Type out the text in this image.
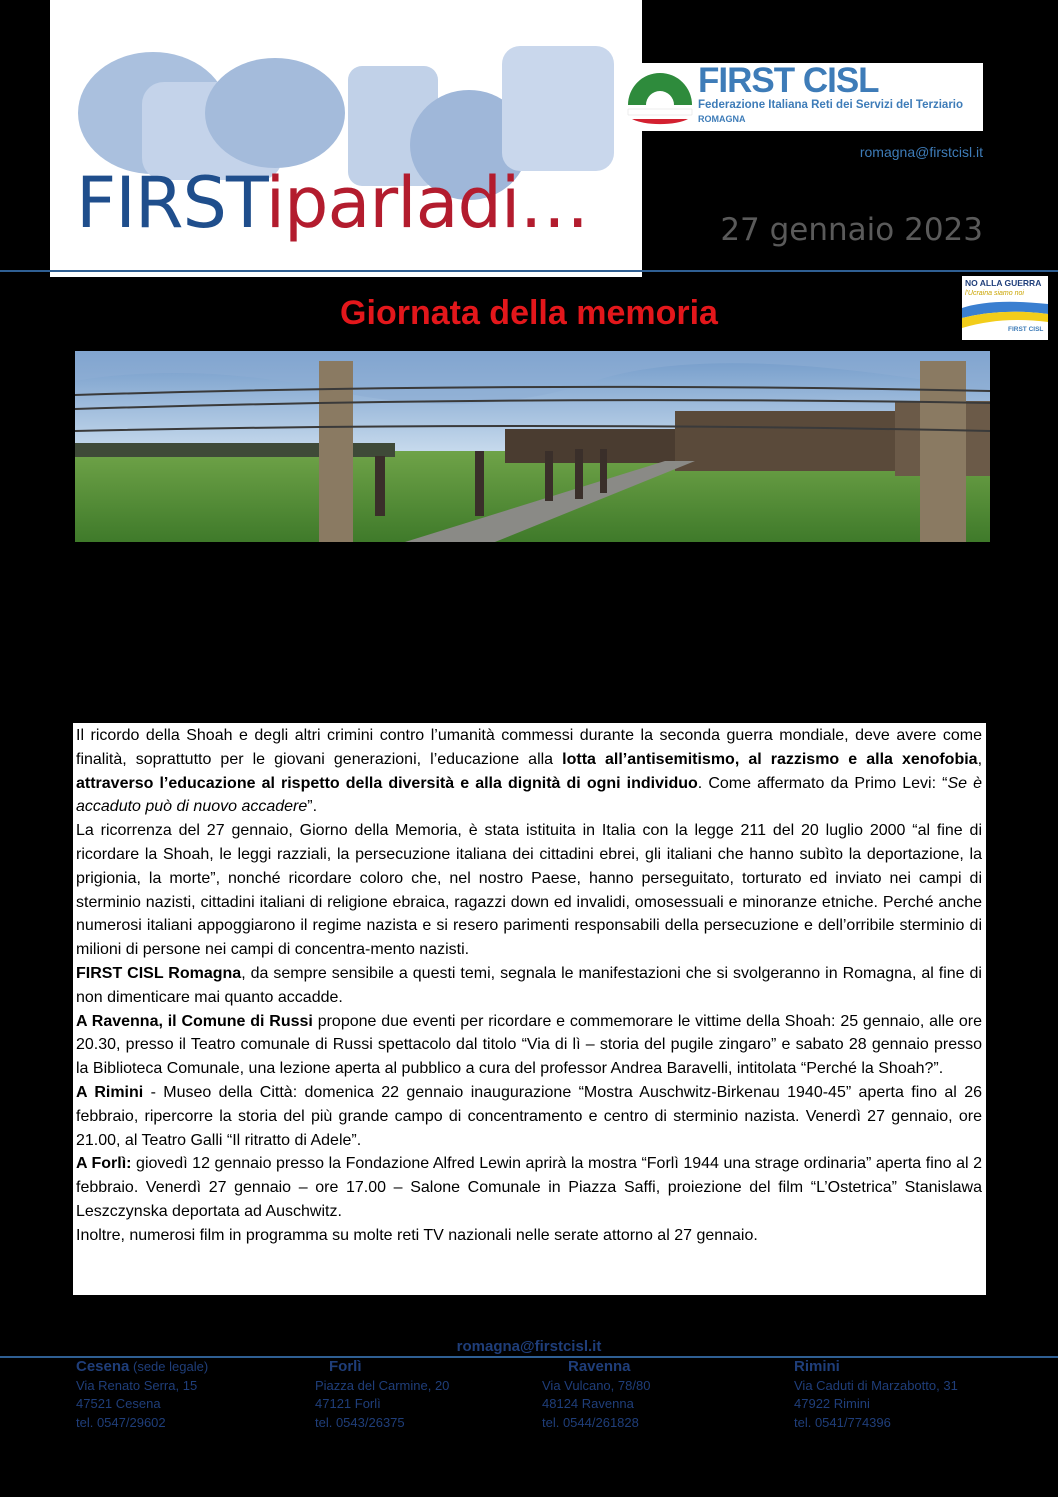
FIRSTiparladi…
FIRST CISL
Federazione Italiana Reti dei Servizi del Terziario
ROMAGNA
romagna@firstcisl.it
27 gennaio 2023
NO ALLA GUERRA
l'Ucraina siamo noi
FIRST CISL
Giornata della memoria

Il ricordo della Shoah e degli altri crimini contro l’umanità commessi durante la seconda guerra mondiale, deve avere come finalità, soprattutto per le giovani generazioni, l’educazione alla lotta all’antisemitismo, al razzismo e alla xenofobia, attraverso l’educazione al rispetto della diversità e alla dignità di ogni individuo. Come affermato da Primo Levi: “Se è accaduto può di nuovo accadere”.

La ricorrenza del 27 gennaio, Giorno della Memoria, è stata istituita in Italia con la legge 211 del 20 luglio 2000 “al fine di ricordare la Shoah, le leggi razziali, la persecuzione italiana dei cittadini ebrei, gli italiani che hanno subìto la deportazione, la prigionia, la morte”, nonché ricordare coloro che, nel nostro Paese, hanno perseguitato, torturato ed inviato nei campi di sterminio nazisti, cittadini italiani di religione ebraica, ragazzi down ed invalidi, omosessuali e minoranze etniche. Perché anche numerosi italiani appoggiarono il regime nazista e si resero parimenti responsabili della persecuzione e dell’orribile sterminio di milioni di persone nei campi di concentra-mento nazisti.

FIRST CISL Romagna, da sempre sensibile a questi temi, segnala le manifestazioni che si svolgeranno in Romagna, al fine di non dimenticare mai quanto accadde.

A Ravenna, il Comune di Russi propone due eventi per ricordare e commemorare le vittime della Shoah: 25 gennaio, alle ore 20.30, presso il Teatro comunale di Russi spettacolo dal titolo “Via di lì – storia del pugile zingaro” e sabato 28 gennaio presso la Biblioteca Comunale, una lezione aperta al pubblico a cura del professor Andrea Baravelli, intitolata “Perché la Shoah?”.

A Rimini - Museo della Città: domenica 22 gennaio inaugurazione “Mostra Auschwitz-Birkenau 1940-45” aperta fino al 26 febbraio, ripercorre la storia del più grande campo di concentramento e centro di sterminio nazista. Venerdì 27 gennaio, ore 21.00, al Teatro Galli “Il ritratto di Adele”.

A Forlì: giovedì 12 gennaio presso la Fondazione Alfred Lewin aprirà la mostra “Forlì 1944 una strage ordinaria” aperta fino al 2 febbraio. Venerdì 27 gennaio – ore 17.00 – Salone Comunale in Piazza Saffi, proiezione del film “L’Ostetrica” Stanislawa Leszczynska deportata ad Auschwitz.

Inoltre, numerosi film in programma su molte reti TV nazionali nelle serate attorno al 27 gennaio.

romagna@firstcisl.it
Cesena (sede legale)
Via Renato Serra, 15
47521 Cesena
tel. 0547/29602
Forlì
Piazza del Carmine, 20
47121 Forlì
tel. 0543/26375
Ravenna
Via Vulcano, 78/80
48124 Ravenna
tel. 0544/261828
Rimini
Via Caduti di Marzabotto, 31
47922 Rimini
tel. 0541/774396
